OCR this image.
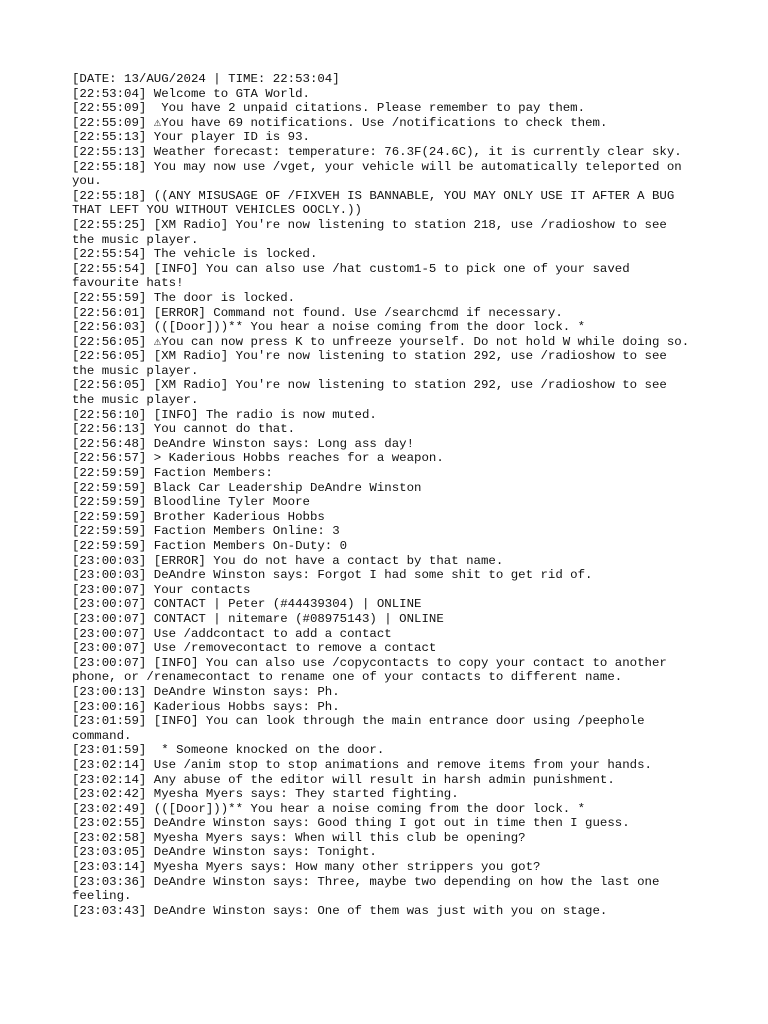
[DATE: 13/AUG/2024 | TIME: 22:53:04]
[22:53:04] Welcome to GTA World.
[22:55:09]  You have 2 unpaid citations. Please remember to pay them.
[22:55:09] ⚠You have 69 notifications. Use /notifications to check them.
[22:55:13] Your player ID is 93.
[22:55:13] Weather forecast: temperature: 76.3F(24.6C), it is currently clear sky.
[22:55:18] You may now use /vget, your vehicle will be automatically teleported on you.
[22:55:18] ((ANY MISUSAGE OF /FIXVEH IS BANNABLE, YOU MAY ONLY USE IT AFTER A BUG THAT LEFT YOU WITHOUT VEHICLES OOCLY.))
[22:55:25] [XM Radio] You're now listening to station 218, use /radioshow to see the music player.
[22:55:54] The vehicle is locked.
[22:55:54] [INFO] You can also use /hat custom1-5 to pick one of your saved favourite hats!
[22:55:59] The door is locked.
[22:56:01] [ERROR] Command not found. Use /searchcmd if necessary.
[22:56:03] (([Door]))** You hear a noise coming from the door lock. *
[22:56:05] ⚠You can now press K to unfreeze yourself. Do not hold W while doing so.
[22:56:05] [XM Radio] You're now listening to station 292, use /radioshow to see the music player.
[22:56:05] [XM Radio] You're now listening to station 292, use /radioshow to see the music player.
[22:56:10] [INFO] The radio is now muted.
[22:56:13] You cannot do that.
[22:56:48] DeAndre Winston says: Long ass day!
[22:56:57] > Kaderious Hobbs reaches for a weapon.
[22:59:59] Faction Members:
[22:59:59] Black Car Leadership DeAndre Winston
[22:59:59] Bloodline Tyler Moore
[22:59:59] Brother Kaderious Hobbs
[22:59:59] Faction Members Online: 3
[22:59:59] Faction Members On-Duty: 0
[23:00:03] [ERROR] You do not have a contact by that name.
[23:00:03] DeAndre Winston says: Forgot I had some shit to get rid of.
[23:00:07] Your contacts
[23:00:07] CONTACT | Peter (#44439304) | ONLINE
[23:00:07] CONTACT | nitemare (#08975143) | ONLINE
[23:00:07] Use /addcontact to add a contact
[23:00:07] Use /removecontact to remove a contact
[23:00:07] [INFO] You can also use /copycontacts to copy your contact to another phone, or /renamecontact to rename one of your contacts to different name.
[23:00:13] DeAndre Winston says: Ph.
[23:00:16] Kaderious Hobbs says: Ph.
[23:01:59] [INFO] You can look through the main entrance door using /peephole command.
[23:01:59]  * Someone knocked on the door.
[23:02:14] Use /anim stop to stop animations and remove items from your hands.
[23:02:14] Any abuse of the editor will result in harsh admin punishment.
[23:02:42] Myesha Myers says: They started fighting.
[23:02:49] (([Door]))** You hear a noise coming from the door lock. *
[23:02:55] DeAndre Winston says: Good thing I got out in time then I guess.
[23:02:58] Myesha Myers says: When will this club be opening?
[23:03:05] DeAndre Winston says: Tonight.
[23:03:14] Myesha Myers says: How many other strippers you got?
[23:03:36] DeAndre Winston says: Three, maybe two depending on how the last one feeling.
[23:03:43] DeAndre Winston says: One of them was just with you on stage.
